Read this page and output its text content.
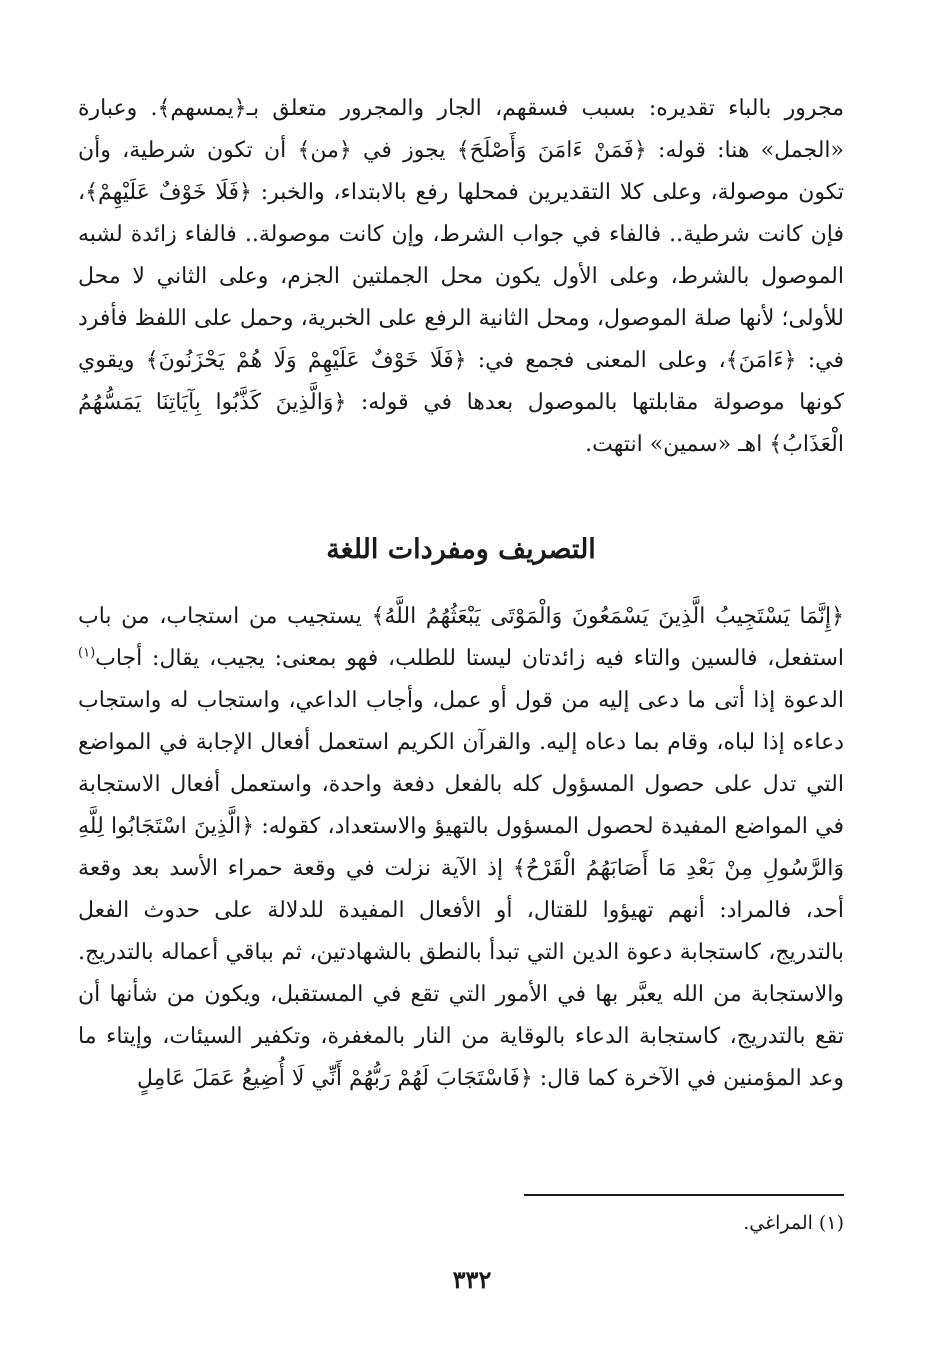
مجرور بالباء تقديره: بسبب فسقهم، الجار والمجرور متعلق بـ﴿يمسهم﴾. وعبارة «الجمل» هنا: قوله: ﴿فَمَنْ ءَامَنَ وَأَصْلَحَ﴾ يجوز في ﴿من﴾ أن تكون شرطية، وأن تكون موصولة، وعلى كلا التقديرين فمحلها رفع بالابتداء، والخبر: ﴿فَلَا خَوْفٌ عَلَيْهِمْ﴾، فإن كانت شرطية.. فالفاء في جواب الشرط، وإن كانت موصولة.. فالفاء زائدة لشبه الموصول بالشرط، وعلى الأول يكون محل الجملتين الجزم، وعلى الثاني لا محل للأولى؛ لأنها صلة الموصول، ومحل الثانية الرفع على الخبرية، وحمل على اللفظ فأفرد في: ﴿ءَامَنَ﴾، وعلى المعنى فجمع في: ﴿فَلَا خَوْفٌ عَلَيْهِمْ وَلَا هُمْ يَحْزَنُونَ﴾ ويقوي كونها موصولة مقابلتها بالموصول بعدها في قوله: ﴿وَالَّذِينَ كَذَّبُوا بِآيَاتِنَا يَمَسُّهُمُ الْعَذَابُ﴾ اهـ «سمين» انتهت.

التصريف ومفردات اللغة

﴿إِنَّمَا يَسْتَجِيبُ الَّذِينَ يَسْمَعُونَ وَالْمَوْتَى يَبْعَثُهُمُ اللَّهُ﴾ يستجيب من استجاب، من باب استفعل، فالسين والتاء فيه زائدتان ليستا للطلب، فهو بمعنى: يجيب، يقال: أجاب$^{(١)}$ الدعوة إذا أتى ما دعى إليه من قول أو عمل، وأجاب الداعي، واستجاب له واستجاب دعاءه إذا لباه، وقام بما دعاه إليه. والقرآن الكريم استعمل أفعال الإجابة في المواضع التي تدل على حصول المسؤول كله بالفعل دفعة واحدة، واستعمل أفعال الاستجابة في المواضع المفيدة لحصول المسؤول بالتهيؤ والاستعداد، كقوله: ﴿الَّذِينَ اسْتَجَابُوا لِلَّهِ وَالرَّسُولِ مِنْ بَعْدِ مَا أَصَابَهُمُ الْقَرْحُ﴾ إذ الآية نزلت في وقعة حمراء الأسد بعد وقعة أحد، فالمراد: أنهم تهيؤوا للقتال، أو الأفعال المفيدة للدلالة على حدوث الفعل بالتدريج، كاستجابة دعوة الدين التي تبدأ بالنطق بالشهادتين، ثم بباقي أعماله بالتدريج. والاستجابة من الله يعبَّر بها في الأمور التي تقع في المستقبل، ويكون من شأنها أن تقع بالتدريج، كاستجابة الدعاء بالوقاية من النار بالمغفرة، وتكفير السيئات، وإيتاء ما وعد المؤمنين في الآخرة كما قال: ﴿فَاسْتَجَابَ لَهُمْ رَبُّهُمْ أَنِّي لَا أُضِيعُ عَمَلَ عَامِلٍ

(١) المراغي.
٣٣٢
